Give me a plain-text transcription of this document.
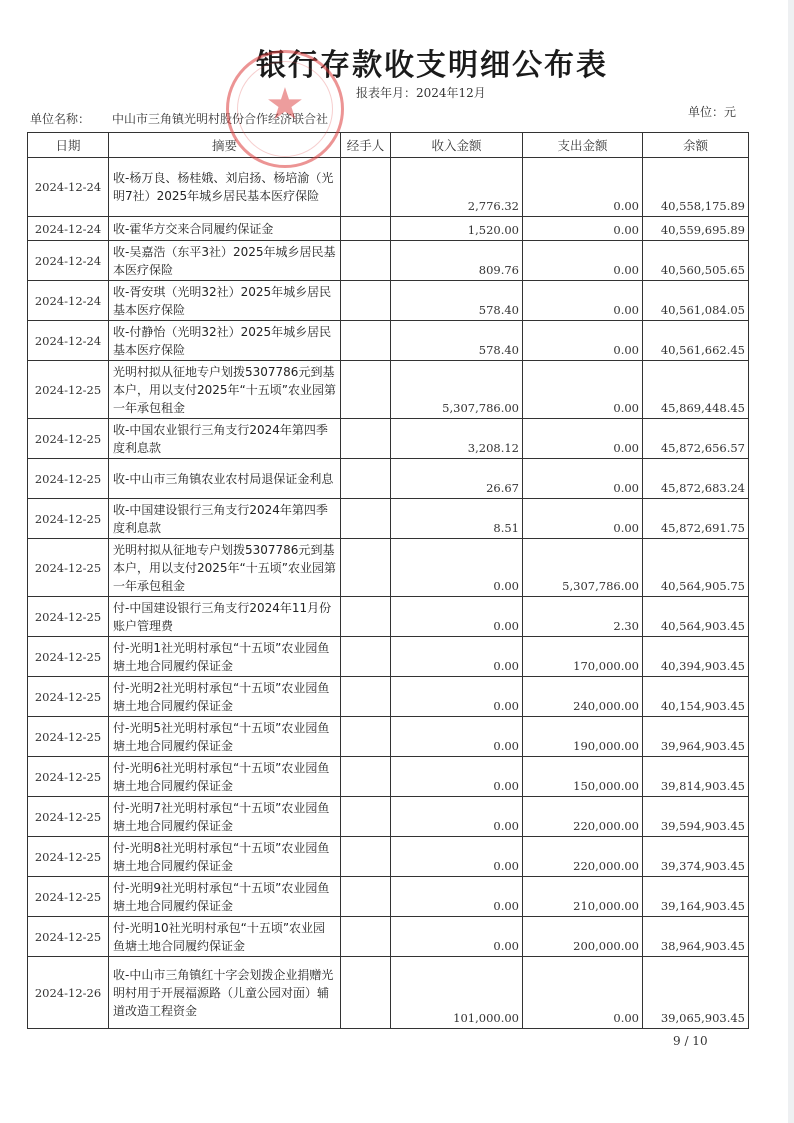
银行存款收支明细公布表
报表年月：2024年12月
单位名称： 中山市三角镇光明村股份合作经济联合社	单位：元
日期	摘要	经手人	收入金额	支出金额	余额
2024-12-24	收-杨万良、杨桂娥、刘启扬、杨培渝（光明7社）2025年城乡居民基本医疗保险		2,776.32	0.00	40,558,175.89
2024-12-24	收-霍华方交来合同履约保证金		1,520.00	0.00	40,559,695.89
2024-12-24	收-吴嘉浩（东平3社）2025年城乡居民基本医疗保险		809.76	0.00	40,560,505.65
2024-12-24	收-胥安琪（光明32社）2025年城乡居民基本医疗保险		578.40	0.00	40,561,084.05
2024-12-24	收-付静怡（光明32社）2025年城乡居民基本医疗保险		578.40	0.00	40,561,662.45
2024-12-25	光明村拟从征地专户划拨5307786元到基本户，用以支付2025年“十五顷”农业园第一年承包租金		5,307,786.00	0.00	45,869,448.45
2024-12-25	收-中国农业银行三角支行2024年第四季度利息款		3,208.12	0.00	45,872,656.57
2024-12-25	收-中山市三角镇农业农村局退保证金利息		26.67	0.00	45,872,683.24
2024-12-25	收-中国建设银行三角支行2024年第四季度利息款		8.51	0.00	45,872,691.75
2024-12-25	光明村拟从征地专户划拨5307786元到基本户，用以支付2025年“十五顷”农业园第一年承包租金		0.00	5,307,786.00	40,564,905.75
2024-12-25	付-中国建设银行三角支行2024年11月份账户管理费		0.00	2.30	40,564,903.45
2024-12-25	付-光明1社光明村承包“十五顷”农业园鱼塘土地合同履约保证金		0.00	170,000.00	40,394,903.45
2024-12-25	付-光明2社光明村承包“十五顷”农业园鱼塘土地合同履约保证金		0.00	240,000.00	40,154,903.45
2024-12-25	付-光明5社光明村承包“十五顷”农业园鱼塘土地合同履约保证金		0.00	190,000.00	39,964,903.45
2024-12-25	付-光明6社光明村承包“十五顷”农业园鱼塘土地合同履约保证金		0.00	150,000.00	39,814,903.45
2024-12-25	付-光明7社光明村承包“十五顷”农业园鱼塘土地合同履约保证金		0.00	220,000.00	39,594,903.45
2024-12-25	付-光明8社光明村承包“十五顷”农业园鱼塘土地合同履约保证金		0.00	220,000.00	39,374,903.45
2024-12-25	付-光明9社光明村承包“十五顷”农业园鱼塘土地合同履约保证金		0.00	210,000.00	39,164,903.45
2024-12-25	付-光明10社光明村承包“十五顷”农业园鱼塘土地合同履约保证金		0.00	200,000.00	38,964,903.45
2024-12-26	收-中山市三角镇红十字会划拨企业捐赠光明村用于开展福源路（儿童公园对面）辅道改造工程资金		101,000.00	0.00	39,065,903.45
★
9 / 10
